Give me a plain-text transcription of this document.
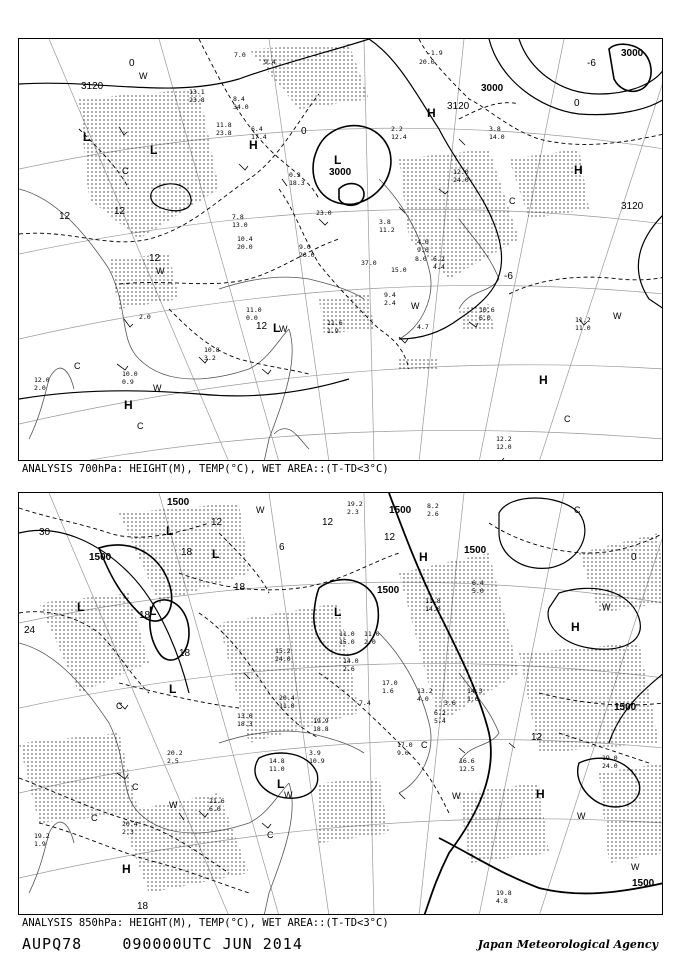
H
H
H
H
H
L
L
L
L
3120
3120
3120
3000
3000
3000
12	12
12
12
0
0
0
-6
-6
W
W
W
W
W
W
C
C
C
C
C
-1.9
20.0
7.0
9.4
13.1
23.8
11.8
23.8
8.4
34.0
6.4
17.4
3.8
14.0
2.2
12.4
0.2
18.3
12.0
24.0
7.8
13.0
10.4
20.0	9.0
26.0
3.8
11.2
4.0
9.0
10.6
6.0	11.2
11.0
12.2
12.0
9.4
2.4
11.6
1.9
10.8
3.2
10.0
0.9
12.0
2.0
11.0
0.0
4.7
8.0
2.0
23.0
15.0
37.0	6.2
4.4
ANALYSIS 700hPa: HEIGHT(M), TEMP(°C), WET AREA::(T-TD<3°C)
H
H
H
H
L
L
L	L	L
L
L
1500
1500
1500
1500
1500
1500
1500
30
24
18
18
18
18
18
12	12
12
12
6
0
W
W
W	W
W
W
W
C
C
C
C
C
C
8.2
2.6
19.2
2.3
11.8
14.0
15.2
24.0	14.0
2.6
11.0
15.0
17.0
1.6
11.0
2.0
6.4
5.0
14.3
1.6
20.4
11.0
19.9
18.8
13.0
18.3
6.2
5.4
17.0
9.0
16.6
12.5
19.0
24.0
19.8
4.8
21.6
6.0
20.2
2.5	14.8
11.0
3.9
10.9
19.2
1.9
20.4
2.3
7.4
13.2
4.0 3.6
ANALYSIS 850hPa: HEIGHT(M), TEMP(°C), WET AREA::(T-TD<3°C)
AUPQ78	090000UTC JUN 2014	Japan Meteorological Agency
